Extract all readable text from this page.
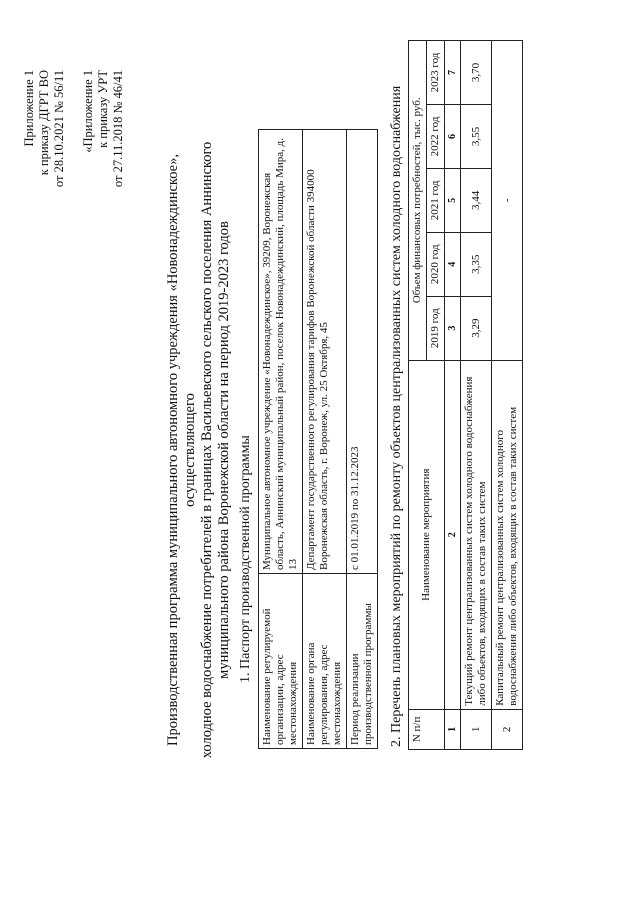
Приложение 1 к приказу ДГРТ ВО от 28.10.2021 № 56/11 «Приложение 1 к приказу УРТ от 27.11.2018 № 46/41

Производственная программа муниципального автономного учреждения «Новонадеждинское», осуществляющего холодное водоснабжение потребителей в границах Васильевского сельского поселения Аннинского муниципального района Воронежской области на период 2019-2023 годов 1. Паспорт производственной программы Наименование регулируемой организации, адрес местонахождения	Муниципальное автономное учреждение «Новонадеждинское», 39209, Воронежская область, Аннинский муниципальный район, поселок Новонадеждинский, площадь Мира, д. 13
Наименование органа регулирования, адрес местонахождения	Департамент государственного регулирования тарифов Воронежской области 394000 Воронежская область, г. Воронеж, ул. 25 Октября, 45
Период реализации производственной программы	с 01.01.2019 по 31.12.2023 2. Перечень плановых мероприятий по ремонту объектов централизованных систем холодного водоснабжения N п/п	Наименование мероприятия	Объем финансовых потребностей, тыс. руб.				
		2019 год	2020 год	2021 год	2022 год	2023 год
1	2	3	4	5	6	7
1	Текущий ремонт централизованных систем холодного водоснабжения либо объектов, входящих в состав таких систем	3,29	3,35	3,44	3,55	3,70
2	Капитальный ремонт централизованных систем холодного водоснабжения либо объектов, входящих в состав таких систем	-				
